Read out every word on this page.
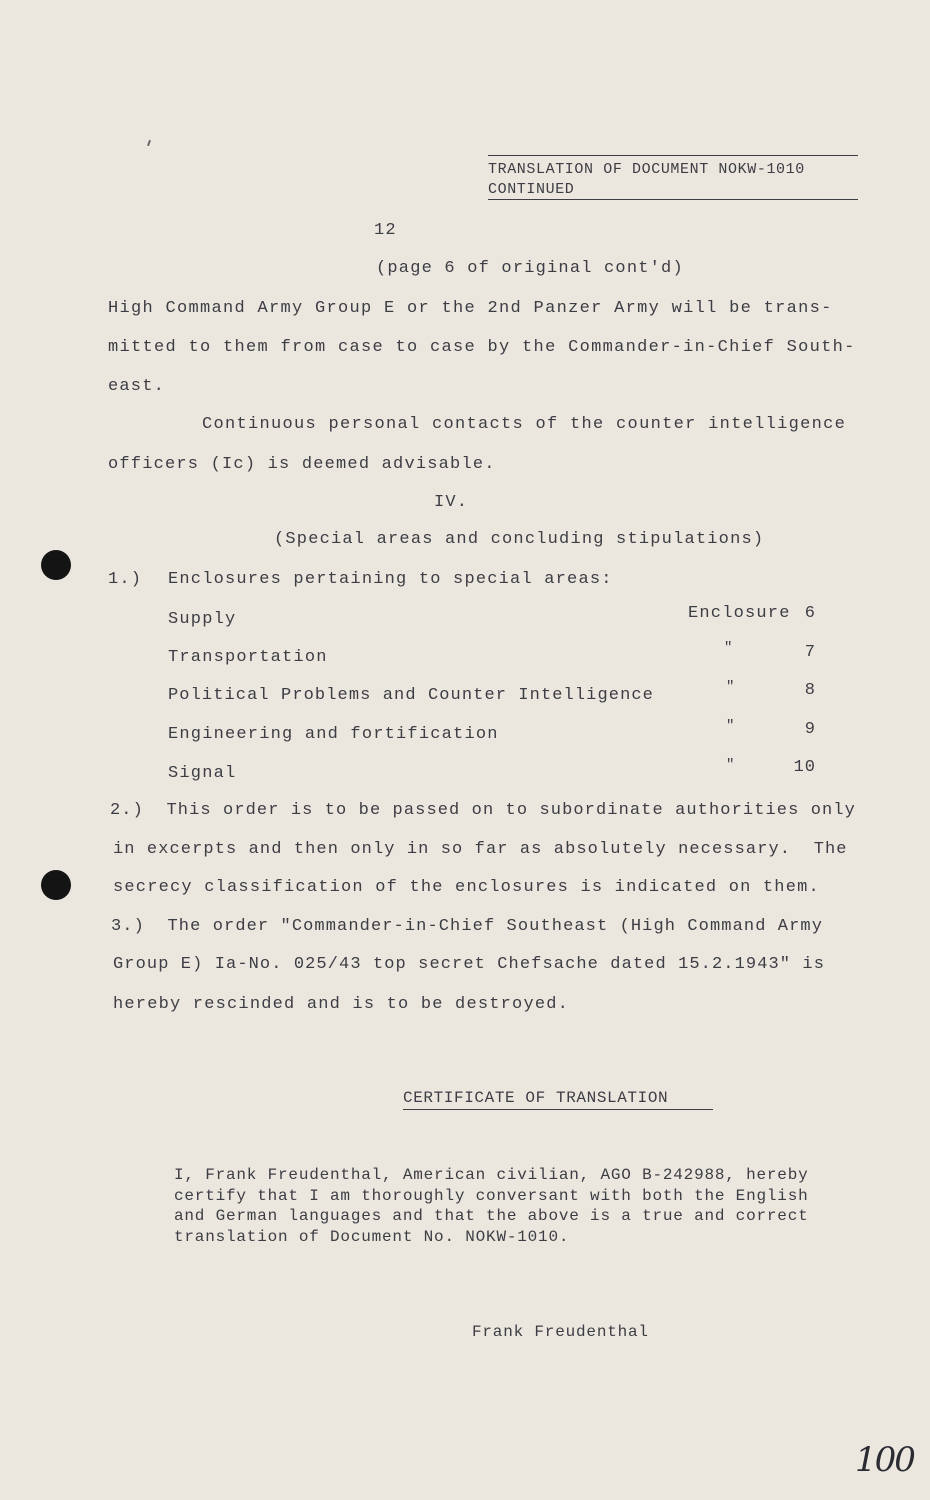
TRANSLATION OF DOCUMENT NOKW-1010
CONTINUED
12
(page 6 of original cont'd)
High Command Army Group E or the 2nd Panzer Army will be trans-
mitted to them from case to case by the Commander-in-Chief South-
east.
Continuous personal contacts of the counter intelligence
officers (Ic) is deemed advisable.
IV.
(Special areas and concluding stipulations)
1.) Enclosures pertaining to special areas:
Supply	Enclosure 6
Transportation	"	7
Political Problems and Counter Intelligence	"	8
Engineering and fortification	"	9
Signal	"	10
2.)  This order is to be passed on to subordinate authorities only
in excerpts and then only in so far as absolutely necessary.  The
secrecy classification of the enclosures is indicated on them.
3.)  The order "Commander-in-Chief Southeast (High Command Army
Group E) Ia-No. 025/43 top secret Chefsache dated 15.2.1943" is
hereby rescinded and is to be destroyed.
CERTIFICATE OF TRANSLATION
I, Frank Freudenthal, American civilian, AGO B-242988, hereby
certify that I am thoroughly conversant with both the English
and German languages and that the above is a true and correct
translation of Document No. NOKW-1010.
Frank Freudenthal
100
